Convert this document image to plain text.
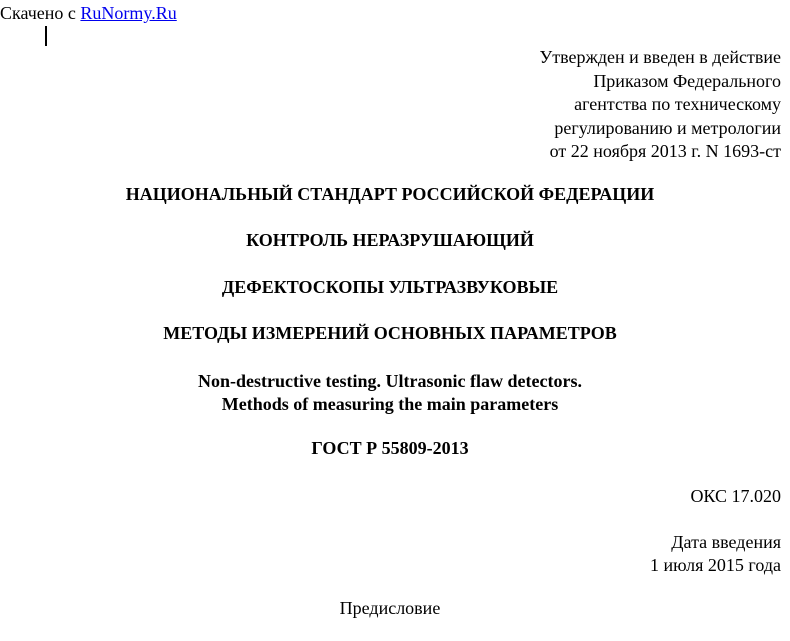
Скачено с RuNormy.Ru
Утвержден и введен в действие
Приказом Федерального
агентства по техническому
регулированию и метрологии
от 22 ноября 2013 г. N 1693-ст
НАЦИОНАЛЬНЫЙ СТАНДАРТ РОССИЙСКОЙ ФЕДЕРАЦИИ
КОНТРОЛЬ НЕРАЗРУШАЮЩИЙ
ДЕФЕКТОСКОПЫ УЛЬТРАЗВУКОВЫЕ
МЕТОДЫ ИЗМЕРЕНИЙ ОСНОВНЫХ ПАРАМЕТРОВ
Non-destructive testing. Ultrasonic flaw detectors.
Methods of measuring the main parameters
ГОСТ Р 55809-2013
ОКС 17.020
Дата введения
1 июля 2015 года
Предисловие
